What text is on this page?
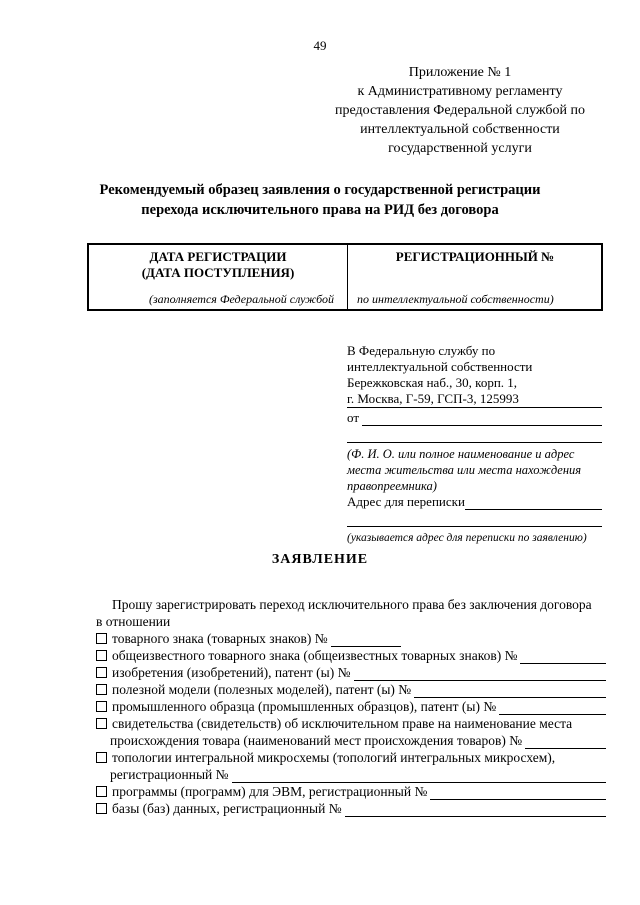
49
Приложение № 1
к Административному регламенту
предоставления Федеральной службой по
интеллектуальной собственности
государственной услуги
Рекомендуемый образец заявления о государственной регистрации
перехода исключительного права на РИД без договора
ДАТА РЕГИСТРАЦИИ
(ДАТА ПОСТУПЛЕНИЯ)
РЕГИСТРАЦИОННЫЙ №
(заполняется Федеральной службой по интеллектуальной собственности)
В Федеральную службу по
интеллектуальной собственности
Бережковская наб., 30, корп. 1,
г. Москва, Г-59, ГСП-3, 125993
от
(Ф. И. О. или полное наименование и адрес
места жительства или места нахождения
правопреемника)
Адрес для переписки
(указывается адрес для переписки по заявлению)
ЗАЯВЛЕНИЕ
Прошу зарегистрировать переход исключительного права без заключения договора
в отношении
товарного знака (товарных знаков) №
общеизвестного товарного знака (общеизвестных товарных знаков) №
изобретения (изобретений), патент (ы) №
полезной модели (полезных моделей), патент (ы) №
промышленного образца (промышленных образцов), патент (ы) №
свидетельства (свидетельств) об исключительном праве на наименование места
происхождения товара (наименований мест происхождения товаров) №
топологии интегральной микросхемы (топологий интегральных микросхем),
регистрационный №
программы (программ) для ЭВМ, регистрационный №
базы (баз) данных, регистрационный №
